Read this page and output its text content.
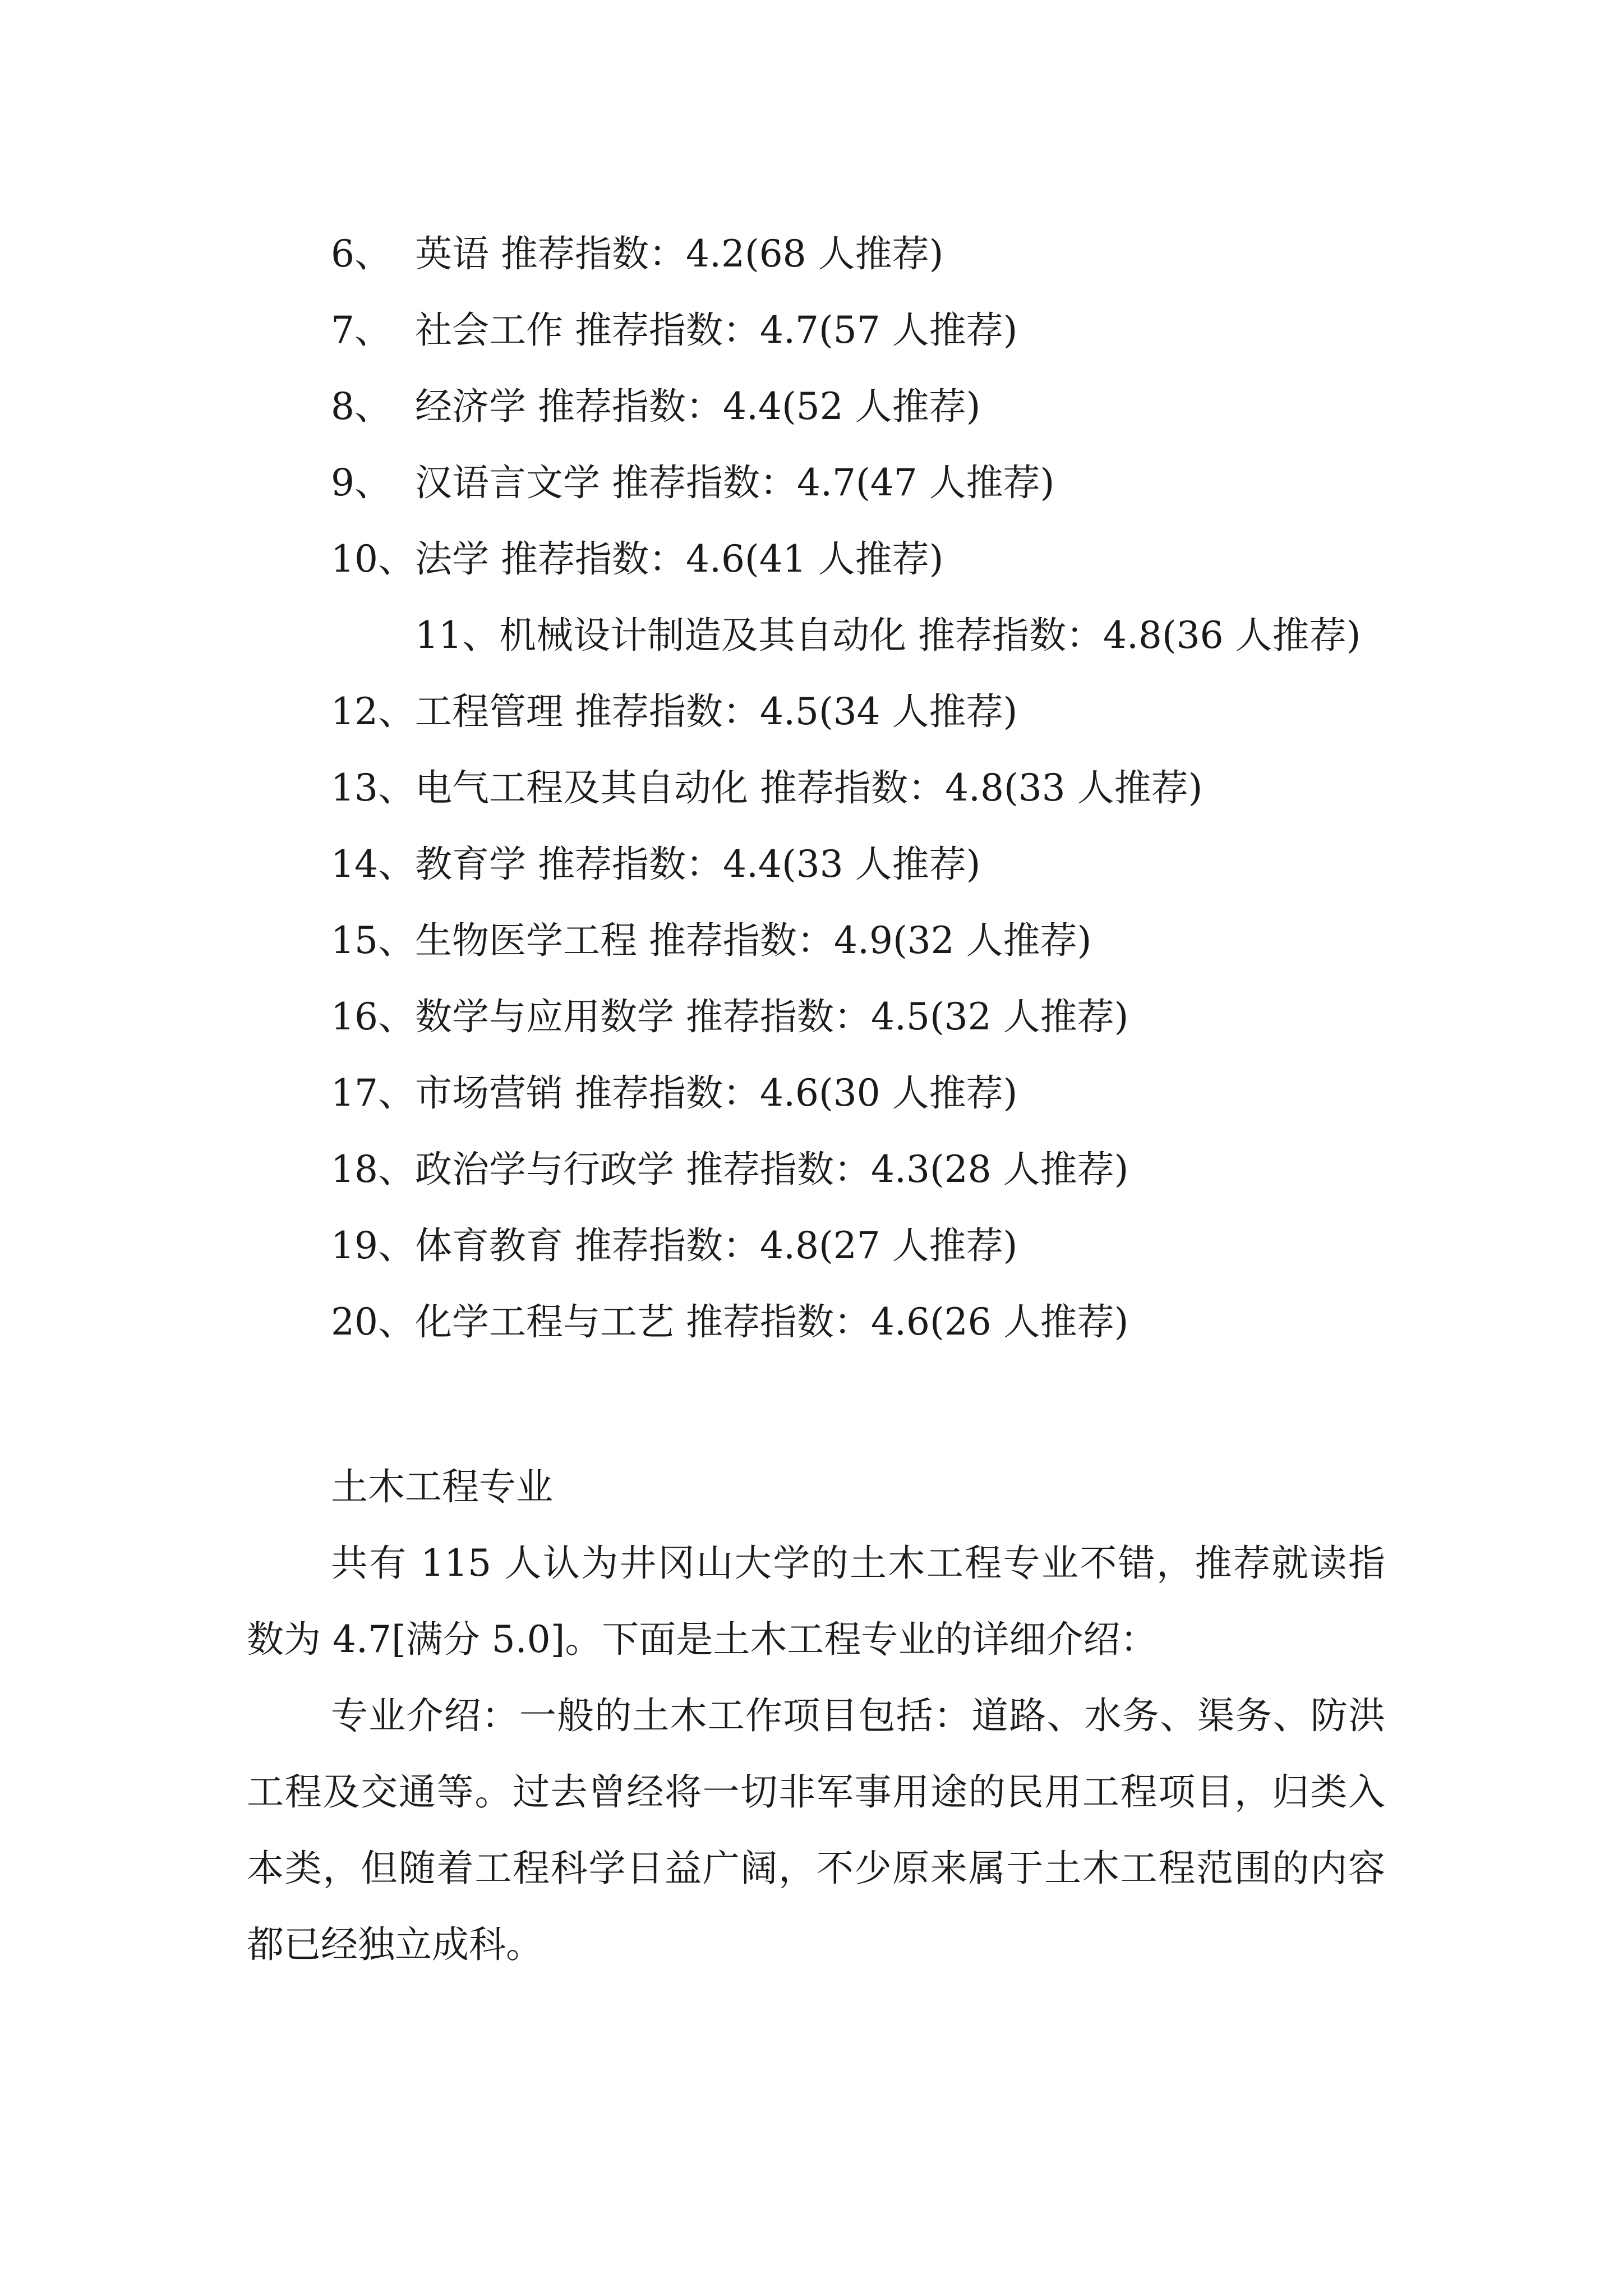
6、 英语 推荐指数：4.2(68 人推荐)
7、 社会工作 推荐指数：4.7(57 人推荐)
8、 经济学 推荐指数：4.4(52 人推荐)
9、 汉语言文学 推荐指数：4.7(47 人推荐)
10、法学 推荐指数：4.6(41 人推荐)
11、机械设计制造及其自动化 推荐指数：4.8(36 人推荐)
12、工程管理 推荐指数：4.5(34 人推荐)
13、电气工程及其自动化 推荐指数：4.8(33 人推荐)
14、教育学 推荐指数：4.4(33 人推荐)
15、生物医学工程 推荐指数：4.9(32 人推荐)
16、数学与应用数学 推荐指数：4.5(32 人推荐)
17、市场营销 推荐指数：4.6(30 人推荐)
18、政治学与行政学 推荐指数：4.3(28 人推荐)
19、体育教育 推荐指数：4.8(27 人推荐)
20、化学工程与工艺 推荐指数：4.6(26 人推荐)
土木工程专业

共有 115 人认为井冈山大学的土木工程专业不错，推荐就读指数为 4.7[满分 5.0]。下面是土木工程专业的详细介绍：

专业介绍：一般的土木工作项目包括：道路、水务、渠务、防洪工程及交通等。过去曾经将一切非军事用途的民用工程项目，归类入本类，但随着工程科学日益广阔，不少原来属于土木工程范围的内容都已经独立成科。
